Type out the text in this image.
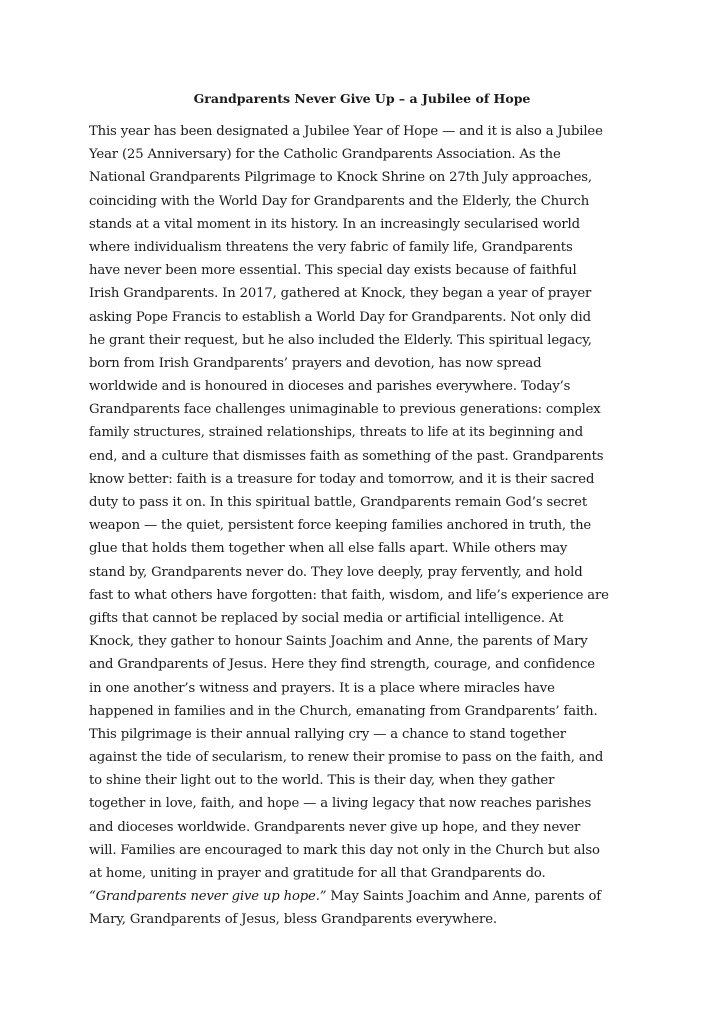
Grandparents Never Give Up – a Jubilee of Hope
This year has been designated a Jubilee Year of Hope — and it is also a Jubilee
Year (25 Anniversary) for the Catholic Grandparents Association. As the
National Grandparents Pilgrimage to Knock Shrine on 27th July approaches,
coinciding with the World Day for Grandparents and the Elderly, the Church
stands at a vital moment in its history. In an increasingly secularised world
where individualism threatens the very fabric of family life, Grandparents
have never been more essential. This special day exists because of faithful
Irish Grandparents. In 2017, gathered at Knock, they began a year of prayer
asking Pope Francis to establish a World Day for Grandparents. Not only did
he grant their request, but he also included the Elderly. This spiritual legacy,
born from Irish Grandparents’ prayers and devotion, has now spread
worldwide and is honoured in dioceses and parishes everywhere. Today’s
Grandparents face challenges unimaginable to previous generations: complex
family structures, strained relationships, threats to life at its beginning and
end, and a culture that dismisses faith as something of the past. Grandparents
know better: faith is a treasure for today and tomorrow, and it is their sacred
duty to pass it on. In this spiritual battle, Grandparents remain God’s secret
weapon — the quiet, persistent force keeping families anchored in truth, the
glue that holds them together when all else falls apart. While others may
stand by, Grandparents never do. They love deeply, pray fervently, and hold
fast to what others have forgotten: that faith, wisdom, and life’s experience are
gifts that cannot be replaced by social media or artificial intelligence. At
Knock, they gather to honour Saints Joachim and Anne, the parents of Mary
and Grandparents of Jesus. Here they find strength, courage, and confidence
in one another’s witness and prayers. It is a place where miracles have
happened in families and in the Church, emanating from Grandparents’ faith.
This pilgrimage is their annual rallying cry — a chance to stand together
against the tide of secularism, to renew their promise to pass on the faith, and
to shine their light out to the world. This is their day, when they gather
together in love, faith, and hope — a living legacy that now reaches parishes
and dioceses worldwide. Grandparents never give up hope, and they never
will. Families are encouraged to mark this day not only in the Church but also
at home, uniting in prayer and gratitude for all that Grandparents do.
“Grandparents never give up hope.” May Saints Joachim and Anne, parents of
Mary, Grandparents of Jesus, bless Grandparents everywhere.
